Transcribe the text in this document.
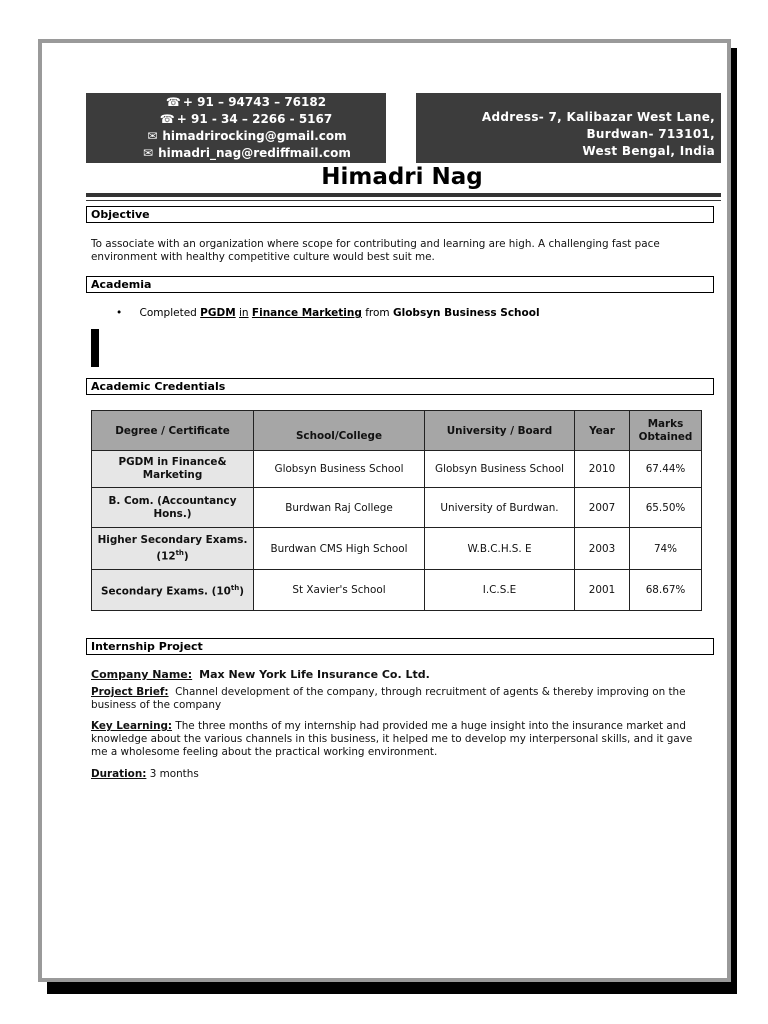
☎ + 91 – 94743 – 76182
☎ + 91 - 34 – 2266 - 5167
✉ himadrirocking@gmail.com
✉ himadri_nag@rediffmail.com
Address- 7, Kalibazar West Lane,
Burdwan- 713101,
West Bengal, India
Himadri Nag
Objective
To associate with an organization where scope for contributing and learning are high. A challenging fast pace environment with healthy competitive culture would best suit me.
Academia
• Completed PGDM in Finance Marketing from Globsyn Business School
Academic Credentials
Degree / Certificate	School/College	University / Board	Year	Marks Obtained
PGDM in Finance& Marketing	Globsyn Business School	Globsyn Business School	2010	67.44%
B. Com. (Accountancy Hons.)	Burdwan Raj College	University of Burdwan.	2007	65.50%
Higher Secondary Exams. (12th)	Burdwan CMS High School	W.B.C.H.S. E	2003	74%
Secondary Exams. (10th)	St Xavier's School	I.C.S.E	2001	68.67%
Internship Project
Company Name: Max New York Life Insurance Co. Ltd.
Project Brief: Channel development of the company, through recruitment of agents & thereby improving on the business of the company
Key Learning: The three months of my internship had provided me a huge insight into the insurance market and knowledge about the various channels in this business, it helped me to develop my interpersonal skills, and it gave me a wholesome feeling about the practical working environment.
Duration: 3 months
